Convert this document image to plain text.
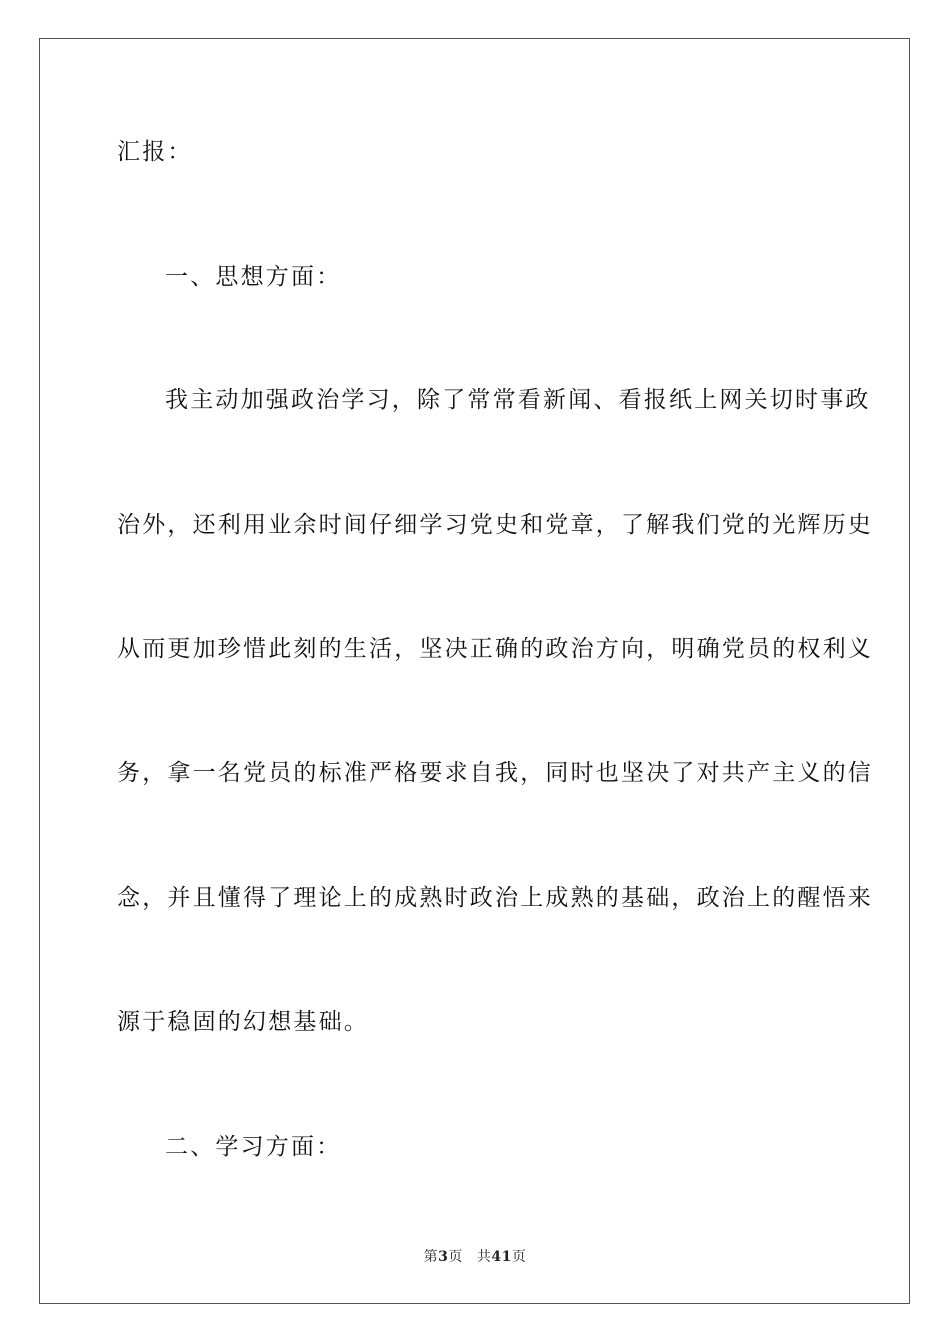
汇报：
一、思想方面：
我主动加强政治学习，除了常常看新闻、看报纸上网关切时事政
治外，还利用业余时间仔细学习党史和党章，了解我们党的光辉历史
从而更加珍惜此刻的生活，坚决正确的政治方向，明确党员的权利义
务，拿一名党员的标准严格要求自我，同时也坚决了对共产主义的信
念，并且懂得了理论上的成熟时政治上成熟的基础，政治上的醒悟来
源于稳固的幻想基础。
二、学习方面：
第3页 共41页
